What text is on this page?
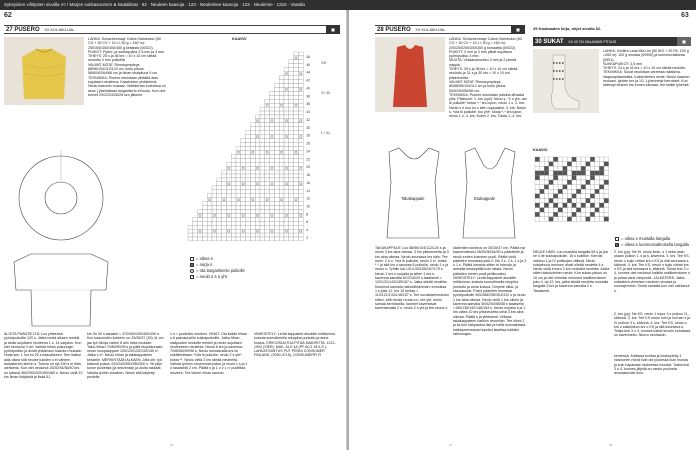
Syksyisien villitysten sivuilla ¤¤ / Marjen sukkasuomen & kaulaliinat · 62 · Neuleen kaavoja · 123 · Neulemiee kaavoja · 123 · Neulemie · 1316 · Vasailu
62
27 PUSERO XX KULJAKLIJAL	▣
LANKA: Schachenmayr Cotton Bamboloo (60 CO + 30 CV + 10 LI, 50 g = 160 m): 250/300/350/400/450 g keltaista (00022).
PUIKOT: Pyörö- ja sukkapuikot 2,5 mm ja 3 mm.
TIHEYS: 25 s ja 36 krs = 10 x 10 cm sileää neulottu 3 mm puikoilla.
VALMIIT MITAT: Rinnanympärys 88/96/104/112/120 cm, koko pituus 58/60/62/64/66 cm ja hihan sisäpituus 9 cm.
TEKNIIKKA: Pusero neulotaan ylhäältä alas sujuttaen neuleena. Kaavioiden yhdistelmä. Neulo kaavioin mukaan. Mallikerran kuvioissa on seos ( yksinäänan langankerto ei kuulu. Kun oiet tunnet 20/22/24/26/28 sen jälkeen.
KAAVIO
48
46
44
42
40
38
36
34
32
30
28
26
24
22
20
18
16
14
12
10
8
6
4
2
XS
S / M
L / XL
= oikea s
= nurja s
= ota langankierto puikolle
/ = neulo 2 s o yht
ALOITA PÄÄNTIELTÄ: Luo yhteensä pyöröpuikoille 120 s. Jatka nestä alkaen merkki ja aloita sujuttaen neuleena 1 s. 14 sarjaisn. Kun olet neulonut 3 cm, vaihda hihan pukuungin pyöröpuikko ja aloita yhtiainaon kaavion mukaan. Huda sen 1. krs ks 20 s kaavakkeen. Sen lisäksi alas oikea sitä neulee lukiden s ei vähenn lankakerten kierrin s. Tuleva on nyt 190 s ei tiivis olettamia. Kun olet neulonut 26/30/34/36/40 krs on tykissä 360/390/420/450/480 s. Neulo vielä 10 krs ilman lisäyksiä ja lisää 51.
krs Ss 50 s tasaisin = 370/400/430/460/490 s. Kun kaavioiden kohteen on 33/35/37 (39) 41 cm, jaa työ hihoja varten 8 alin rivita neulaan: Taka-/hihan 70/80/90/99 s ja pätä etupikkurasin; nesto muupaappare 105/120/130/130/150 s*. Jatka 4 s*. Neulo hihan ja takakappaleen keskelle. MERKINTÄÄN ALKAEN: Jätä ohi; työ käännä puikon 220/240/260/280/300 s. Sit jätyt tunne puoleista (ja sekvenssi) ja aloita rakkaat. Vaihda työhin viisainen. Neulo sitä käytetty puolelle.
1 s = puoliniito neuleen. HIHAT: Ota lisään hihan s 8 pakosuneille sukkapuikoille. Jatka hihan sisäpuolen keskelle merkki ja neulo sujuttaen neuleeseen neulehta. Neulo 6 krs ja kavenna: 70/80/84/90/98 s. Neulo seuraavalla krs ks mikäilestitaan: *Ota ik puikolle, neulo 2 s yht*, toista **. Neulo vielä 3 krs sileää neuleelta. Vaihda työhön ohuemmat puikot ja neulo 1 s ja 1 o tasaisesti 2 cm. Päätä s ja 1 o v 1 n: puolittaa neuleen. Tee toinen hihan samoin.
VIIMEISTELY: Lentä kappaleet aluskille miltäohma, kostuta sumuttimella mirppiha puntutto ja anna kuivua. ERIKOISUUTOA PITÄÄ MAKIRITTA: 1212-1902 (VIER), MAK. ALO 18 (PF ALO 18 ILS ). LANKATOIMITUS PUT PENNI CONSUMER FINLAND, (0050-4715), CONSUMERFI.FI
66
28 PUSERO XX KULJAKLIJAL	▣
LANKA: Schachenmayr Cotton Bamboloo (60 CO + 30 CV + 10 LI, 50 g = 160 m): 200/250/250/300/350 g tomaattia (00022).
PUIKOT: 3 mm ja 3 mm pitkät sujuttava pyöröpuikko 3 mm.
MUUTA: Virkkauskoukku 3 mm ja 2 pientä nappia.
TIHEYS: 25 s ja 36 krs = 10 x 10 cm sileää neulottu ja 31 s ja 30 krs = 10 x 10 cm pitsineuletta.
VALMIIT MITAT: Rinnanympärys: 80/88/96/104/112 cm ja koko pituus 50/52/54/56/58 cm.
TEKNIIKKA: Pusero neulotaan paloina alhaalta ylös. Pitsisuuri: 1. krs (oyö): Neuo s, *2 o yht, ota lk puikolle* toista *-* krs lopun, neulo 1 o. 2. krs: Neulo s ri nuo ko s iden ooppaaksi. 3. krs: Neulo s, *ota lk puikolle, too yht*, toista *-* krs lopun, neulo 1 o. 4. krs: Kuten 2. krs. Toista 1.-4. krs.
Takakappale	Etukappale
TAKAKAPPALE: Luo 88/96/104/112/120 s ja neulo 3 krs aina oikeaa. 3 krs pitsineuletta ja 3 krs aina oikeaa. Neulo seuraava krs näin: Tee nurin. 2 s o, *ota lk puikolle, neulo 3 s*, toista *-* ja sitä krs o tasussa 8 puikolla, neulo 1 s ja neuro s. Tyhtiin kai 131/143/155/167/179 s. Neulo 1 krs o nurjalta ja sitten 1 krs s, kavenna samalla 8/12/16/20 s tasaisesti = 120/131/143/155/167 s. Jatka sileää neuletta. Kavenna samalla mahdollisimman reunoissa 1 s joka 12. krs 10 kertaa = 110/121/133/145/157 s. Tee sovakavennuksen sitten, että neulot reuna s:n, tee yht. neulo samaa kerroksella, laonnet kaventavat kaventamalla 2 s, neulo 2 s yht ja tee reuna s.
kädentien korkeus on 30/35/37 cm. Päätä nyt kaavenniksesi 28/30/30/34/30 s pääntielle ja neulo ennen kolmeen puoli. Päätä vielä pääntien reunassa joka 2. krs 3 s, 2 s, 1 s ja 3 o 1 s. Päätä kavatus sitten ei toteudu ja samalla keskeyttää kuin laksia. Neulo pääntien toinen puoli peilikuvaksi. VIIMEISTELY: Lentä kappaleet aluskille miltäohma, kostuta sumuttimella nirppiha puntutto ja anna kuivua. Ompele olkai- ja sivusaumat. Poimi pääntien reunasta pyöröpuikolle 300/288/296/304/312 s ja neulo 1 krs aina oikeaa. Neulo vielä 1 krs oikein ja kavenna samalla 50/52/54/56/58 s tasaisesti =150/136/142/148/154 s. Neulo nurjalla s ja 1 krs oikea 10 krs pitsineuletta sekä 3 krs aina oikeaa. Päätä s ja yhteisesti. Virkkaa takakappaleen halkion reunoihin. Tee kiinni 2 ja ks kon kahpautua itse ja hellä sumnainasta halkiopeenessasi lopuksi lasettaa kaikkiin rabiosrajan.
67
63
29 Kaukaaden kirja, ohjet sivulla 62.
30 SUKAT XX 40 TAI HALAVAISI PITUUS	▣
LANKA: Gedifra Lana Mia Uni (80 WO + 20 PA, 100 g =260 m): 100 g mustaa (00900) ja luonnonvalkoista (0901).
SUKKAPUIKOT: 3,5 mm.
TIHEYS: 24 s ja 31 krs = 10 x 10 cm sileää neulottu.
TEKNIIKKA: Sukat neulotaan varressa raitaisina. Vaapuspitaaneista: Kaksivärinen neule: Neulo kaavion mukaan, lyhden krs ja 1/2. Lyhennetyt kerrokset: Kun käännyt kesken krs ennen lukosaa, tee kaikki lyhenkä.
KAAVIO
= oikea s mustalla langalla
= oikea s luonnonvalkoisella langalla
NEULE HÄIN: Luo mustalla langalla 64 s ja jaa ne 4 lle sukkapuikolle, 16 s kullekin. Kerrosi vaihtuu 1 ja IV puikkojen välissä. Neulo sukkahuus neuleen alusti sileää neuletta 4 s. Neulo vielä ennen 2 krs mustalla neuleita. Aloita sitten kaksivärinen neule: Kun sukan pituus on 15 cm ja olet viimeksi neulonut mallikerroksen joko 4. tai 12. krs, jatka sileää neuletta mustalla langalla 3 krs ja kavenna samalla 2 s. Tasaisesti.
2. krs (yp): Ne KI, neulo kesk- s 1 seka vaan osaan puikon 1. s ja s, kavenna. 3. krs: Tee KS, neulo o kujio virtian krs o KS ja sitä seuraava s, käännä. 4. krs: Tee KS, neulo n kujio virtian krs o KS ja sitä seuraava s, käännä. Toista krsi 3 o 4, kunnes olet neulonut kaikille mallikerroksen s ja palaa varsi väripuolle. JALKATERÄ: Jatka sukkaterä viimeisen neuleen sivussa ja nunnajemmin. Toista samalla kun olet vaihtanut s.
2. krs (yp): Ne KS, neulo 1 rupur 3 s puikon 11, käännä. 3. krs: Tee KS neulo rivin ja nurhan s ja IV puikon 3 s, käännä. 4. krs: Tee KS, neulo o krs o sakkiinkon krs o KS ja sitä seuraava s. Toista krsi 3 o 4, kunnes kaikki sivurin kohdassa on kavennettu. Neuvo seuraavin.
kentensä. Kaikissa kohtaa ja keskeytetty 1 valvoorien rivinä kuin ole joukessa kuin muista ja kuin hapanaan laskeessa muusta. Toista krsi 3 o 4, kunnes jäljellä on varsin puolesta avonaisuudet sivu.
68
